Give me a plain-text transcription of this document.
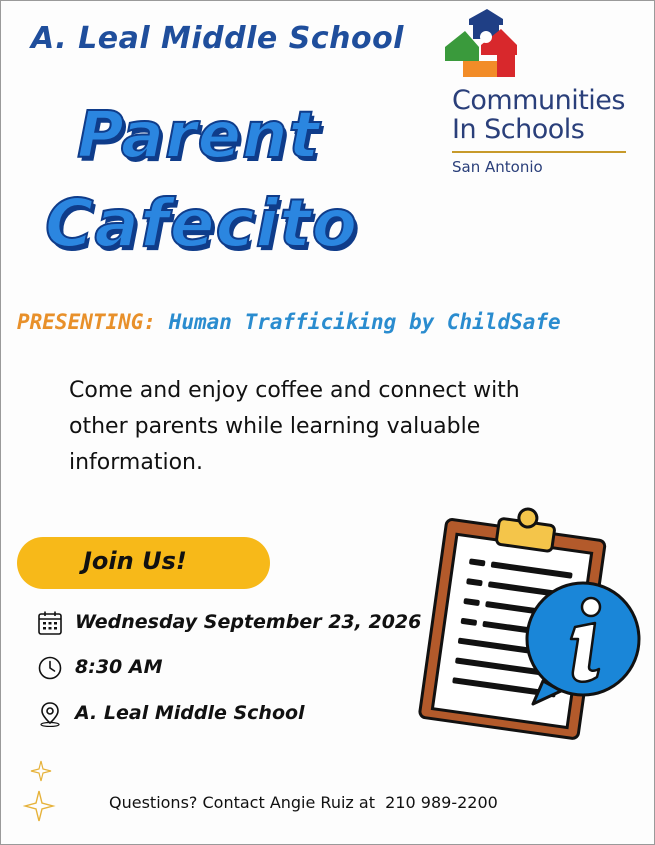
A. Leal Middle School
Parent
Cafecito
Communities
In Schools
San Antonio
PRESENTING: Human Trafficiking by ChildSafe
Come and enjoy coffee and connect with other parents while learning valuable information.
Join Us!
Wednesday September 23, 2026
8:30 AM
A. Leal Middle School
Questions? Contact Angie Ruiz at  210 989-2200
